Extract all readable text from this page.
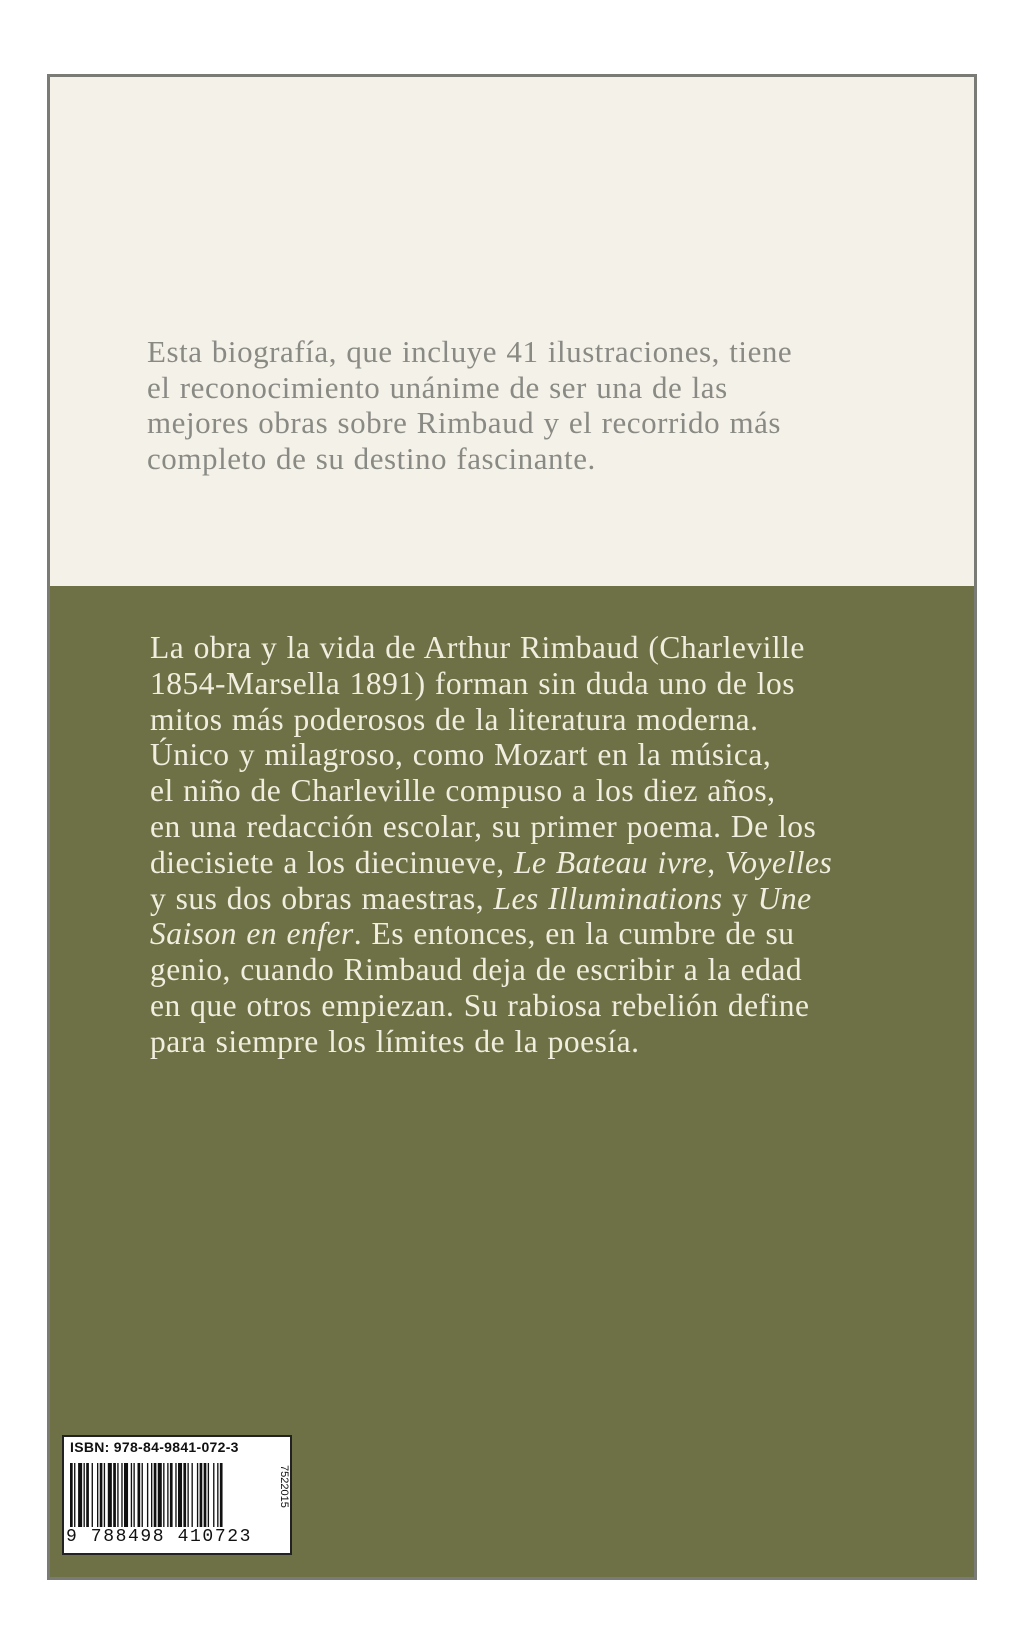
Esta biografía, que incluye 41 ilustraciones, tiene
el reconocimiento unánime de ser una de las
mejores obras sobre Rimbaud y el recorrido más
completo de su destino fascinante.

La obra y la vida de Arthur Rimbaud (Charleville
1854-Marsella 1891) forman sin duda uno de los
mitos más poderosos de la literatura moderna.
Único y milagroso, como Mozart en la música,
el niño de Charleville compuso a los diez años,
en una redacción escolar, su primer poema. De los
diecisiete a los diecinueve, Le Bateau ivre, Voyelles
y sus dos obras maestras, Les Illuminations y Une
Saison en enfer. Es entonces, en la cumbre de su
genio, cuando Rimbaud deja de escribir a la edad
en que otros empiezan. Su rabiosa rebelión define
para siempre los límites de la poesía.

ISBN: 978-84-9841-072-3
9 788498 410723
7522015
